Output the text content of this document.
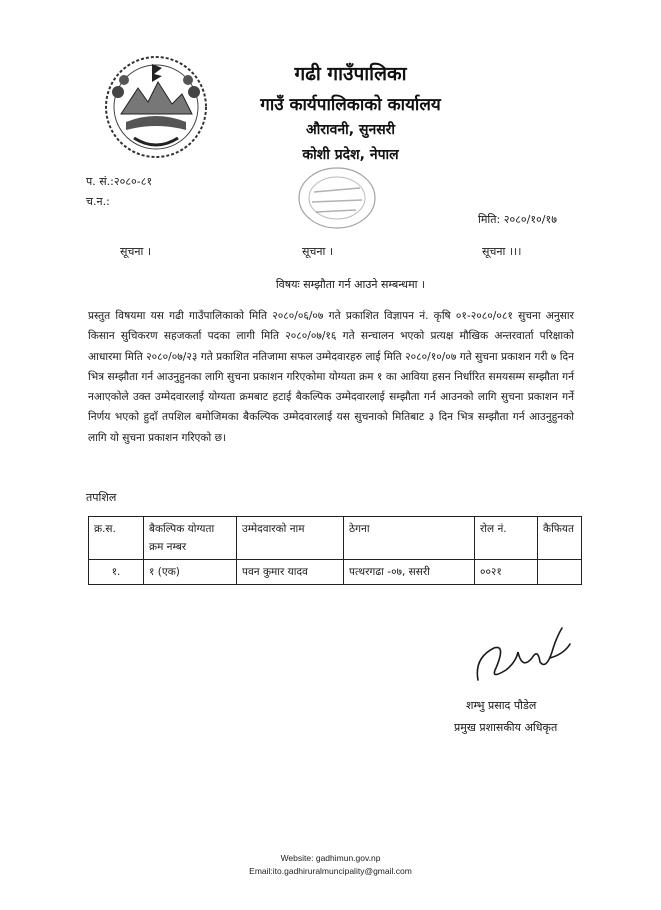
गढी गाउँपालिका
गाउँ कार्यपालिकाको कार्यालय
औरावनी, सुनसरी
कोशी प्रदेश, नेपाल
प. सं.:२०८०-८१
च.न.:
मिति: २०८०/१०/१७
सूचना ।	सूचना ।	सूचना ।।।
विषयः सम्झौता गर्न आउने सम्बन्धमा ।

प्रस्तुत विषयमा यस गढी गाउँपालिकाको मिति २०८०/०६/०७ गते प्रकाशित विज्ञापन नं. कृषि ०१-२०८०/०८१ सुचना अनुसार किसान सुचिकरण सहजकर्ता पदका लागी मिति २०८०/०७/१६ गते सन्चालन भएको प्रत्यक्ष मौखिक अन्तरवार्ता परिक्षाको आधारमा मिति २०८०/०७/२३ गते प्रकाशित नतिजामा सफल उम्मेदवारहरु लाई मिति २०८०/१०/०७ गते सुचना प्रकाशन गरी ७ दिन भित्र सम्झौता गर्न आउनुहुनका लागि सुचना प्रकाशन गरिएकोमा योग्यता क्रम १ का आविया हसन निर्धारित समयसम्म सम्झौता गर्न नआएकोले उक्त उम्मेदवारलाई योग्यता क्रमबाट हटाई बैकल्पिक उम्मेदवारलाई सम्झौता गर्न आउनको लागि सुचना प्रकाशन गर्ने निर्णय भएको हुदाँ तपशिल बमोजिमका बैकल्पिक उम्मेदवारलाई यस सुचनाको मितिबाट ३ दिन भित्र सम्झौता गर्न आउनुहुनको लागि यो सुचना प्रकाशन गरिएको छ।

तपशिल
क्र.स.	बैकल्पिक योग्यता क्रम नम्बर	उम्मेदवारको नाम	ठेगना	रोल नं.	कैफियत
१.	१ (एक)	पवन कुमार यादव	पत्थरगढा -०७, ससरी	००२१	
शम्भु प्रसाद पौडेल
प्रमुख प्रशासकीय अधिकृत
Website: gadhimun.gov.np
Email:ito.gadhiruralmuncipality@gmail.com
